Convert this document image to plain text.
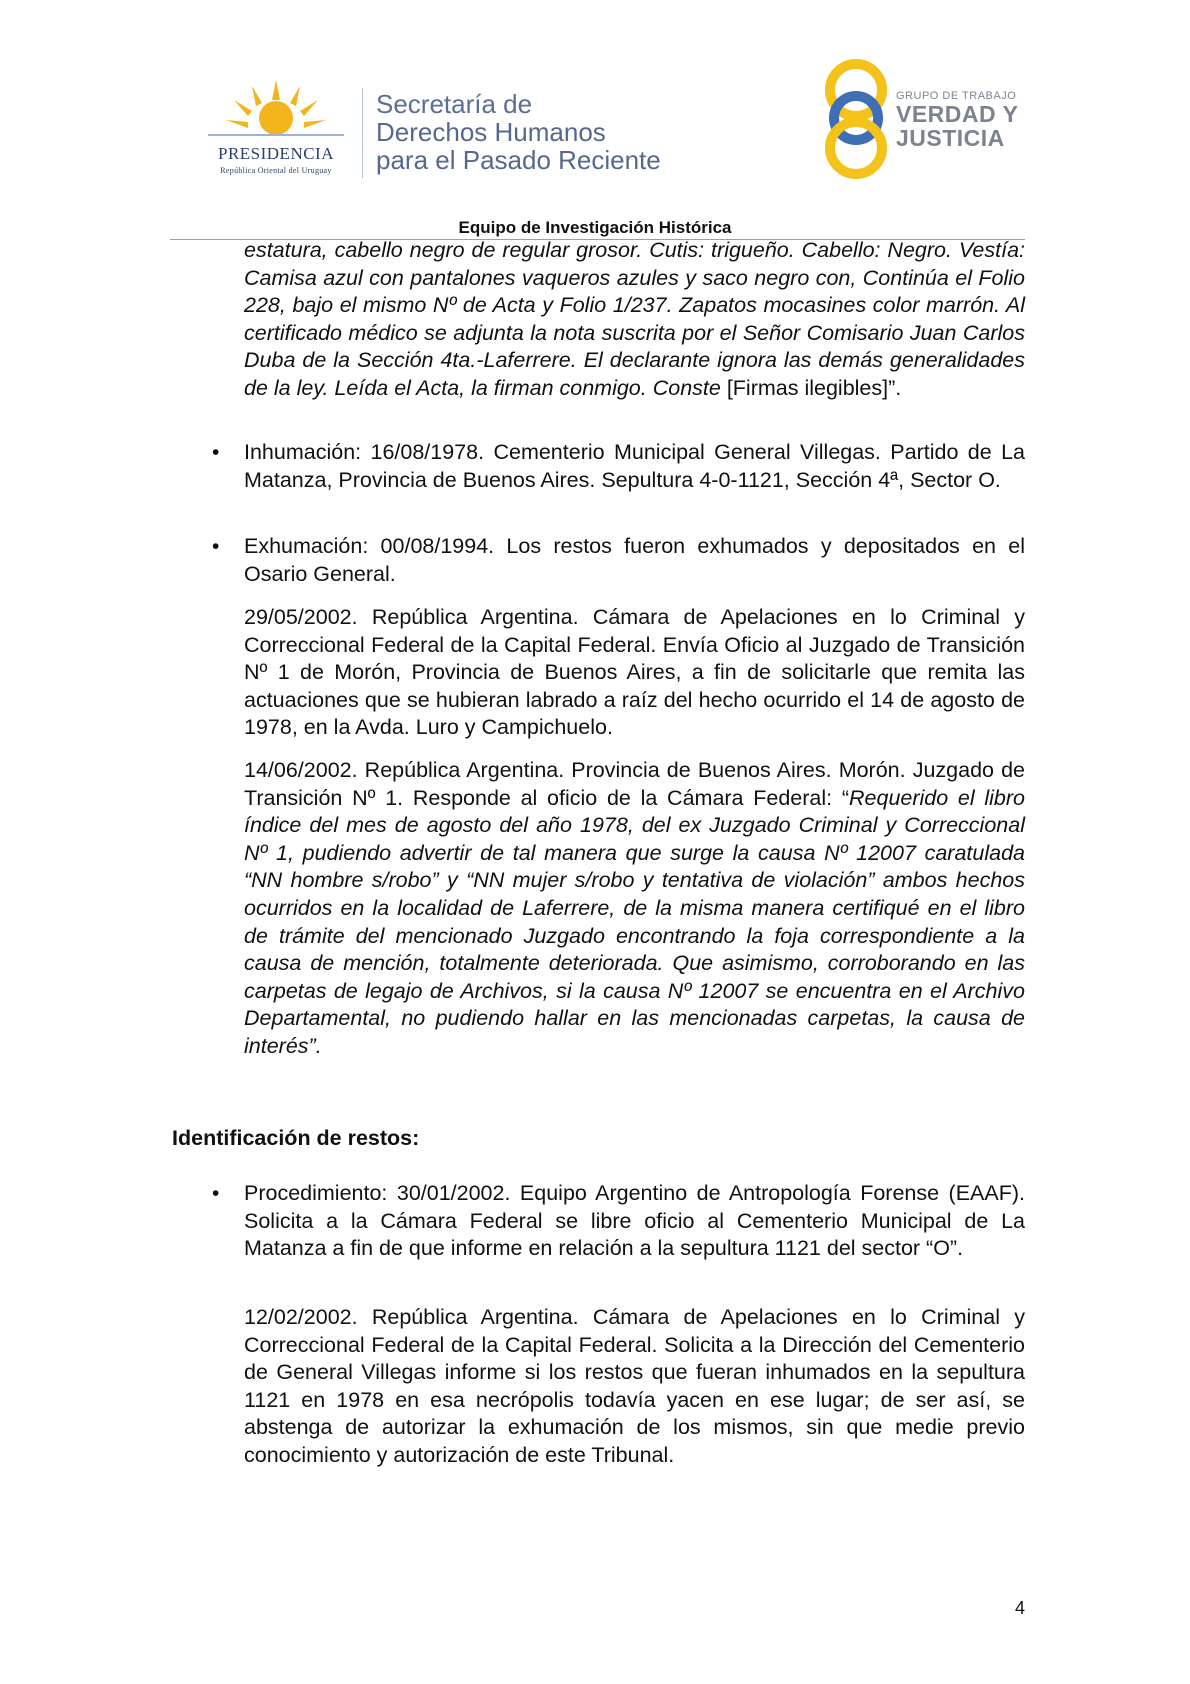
PRESIDENCIA
República Oriental del Uruguay
Secretaría de
Derechos Humanos
para el Pasado Reciente
GRUPO DE TRABAJO
VERDAD Y
JUSTICIA
Equipo de Investigación Histórica
estatura, cabello negro de regular grosor. Cutis: trigueño. Cabello: Negro. Vestía: Camisa azul con pantalones vaqueros azules y saco negro con, Continúa el Folio 228, bajo el mismo Nº de Acta y Folio 1/237. Zapatos mocasines color marrón. Al certificado médico se adjunta la nota suscrita por el Señor Comisario Juan Carlos Duba de la Sección 4ta.-Laferrere. El declarante ignora las demás generalidades de la ley. Leída el Acta, la firman conmigo. Conste [Firmas ilegibles]”.
• Inhumación: 16/08/1978. Cementerio Municipal General Villegas. Partido de La Matanza, Provincia de Buenos Aires. Sepultura 4-0-1121, Sección 4ª, Sector O.
• Exhumación: 00/08/1994. Los restos fueron exhumados y depositados en el Osario General.
29/05/2002. República Argentina. Cámara de Apelaciones en lo Criminal y Correccional Federal de la Capital Federal. Envía Oficio al Juzgado de Transición Nº 1 de Morón, Provincia de Buenos Aires, a fin de solicitarle que remita las actuaciones que se hubieran labrado a raíz del hecho ocurrido el 14 de agosto de 1978, en la Avda. Luro y Campichuelo.
14/06/2002. República Argentina. Provincia de Buenos Aires. Morón. Juzgado de Transición Nº 1. Responde al oficio de la Cámara Federal: “Requerido el libro índice del mes de agosto del año 1978, del ex Juzgado Criminal y Correccional Nº 1, pudiendo advertir de tal manera que surge la causa Nº 12007 caratulada “NN hombre s/robo” y “NN mujer s/robo y tentativa de violación” ambos hechos ocurridos en la localidad de Laferrere, de la misma manera certifiqué en el libro de trámite del mencionado Juzgado encontrando la foja correspondiente a la causa de mención, totalmente deteriorada. Que asimismo, corroborando en las carpetas de legajo de Archivos, si la causa Nº 12007 se encuentra en el Archivo Departamental, no pudiendo hallar en las mencionadas carpetas, la causa de interés”.
Identificación de restos:
• Procedimiento: 30/01/2002. Equipo Argentino de Antropología Forense (EAAF). Solicita a la Cámara Federal se libre oficio al Cementerio Municipal de La Matanza a fin de que informe en relación a la sepultura 1121 del sector “O”.
12/02/2002. República Argentina. Cámara de Apelaciones en lo Criminal y Correccional Federal de la Capital Federal. Solicita a la Dirección del Cementerio de General Villegas informe si los restos que fueran inhumados en la sepultura 1121 en 1978 en esa necrópolis todavía yacen en ese lugar; de ser así, se abstenga de autorizar la exhumación de los mismos, sin que medie previo conocimiento y autorización de este Tribunal.
4
